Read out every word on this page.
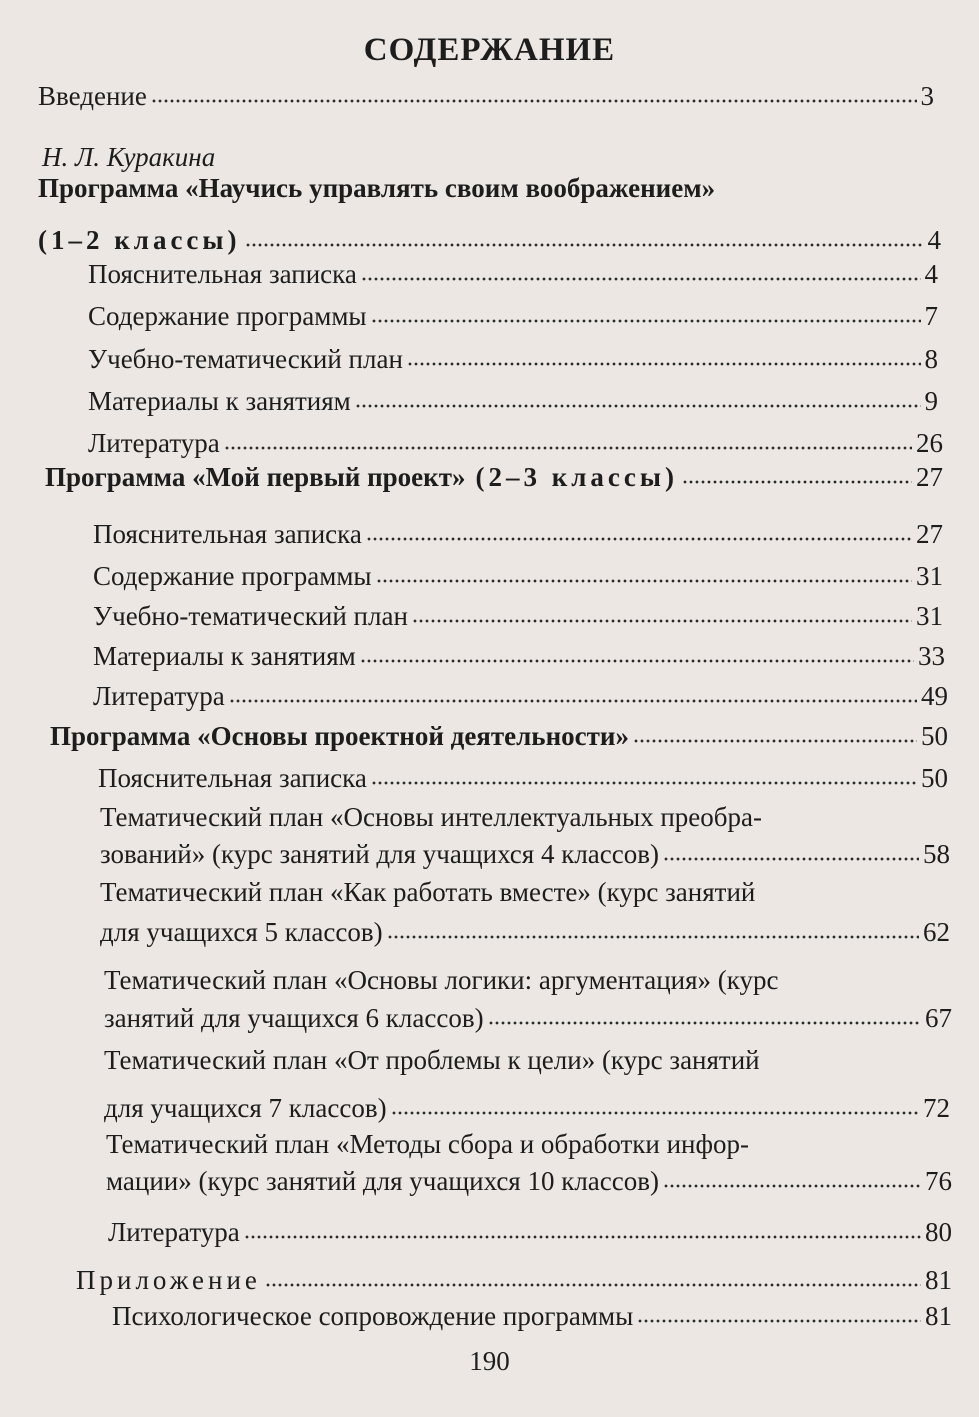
СОДЕРЖАНИЕ
Введение	3
Н. Л. Куракина
Программа «Научись управлять своим воображением»
(1–2 классы)	4
Пояснительная записка	4
Содержание программы	7
Учебно-тематический план	8
Материалы к занятиям	9
Литература	26
Программа «Мой первый проект» (2–3 классы)	27
Пояснительная записка	27
Содержание программы	31
Учебно-тематический план	31
Материалы к занятиям	33
Литература	49
Программа «Основы проектной деятельности»	50
Пояснительная записка	50
Тематический план «Основы интеллектуальных преобра-
зований» (курс занятий для учащихся 4 классов)	58
Тематический план «Как работать вместе» (курс занятий
для учащихся 5 классов)	62
Тематический план «Основы логики: аргументация» (курс
занятий для учащихся 6 классов)	67
Тематический план «От проблемы к цели» (курс занятий
для учащихся 7 классов)	72
Тематический план «Методы сбора и обработки инфор-
мации» (курс занятий для учащихся 10 классов)	76
Литература	80
Приложение	81
Психологическое сопровождение программы	81
190
